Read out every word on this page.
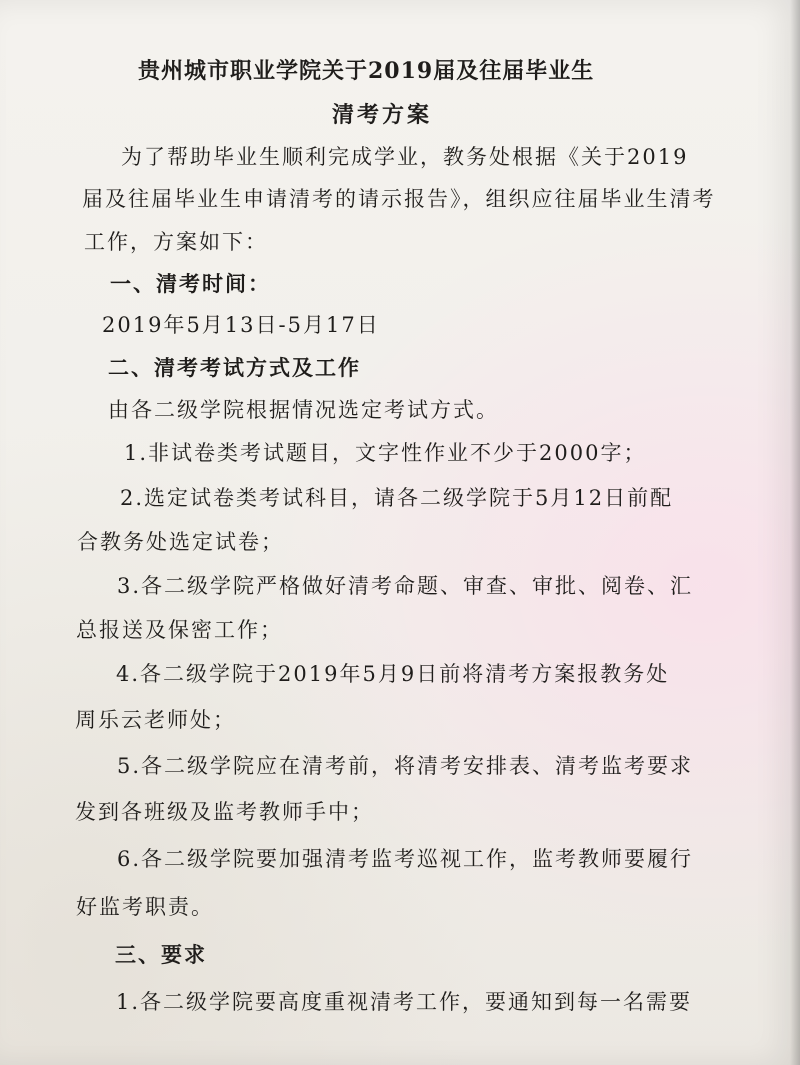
贵州城市职业学院关于2019届及往届毕业生
清考方案
为了帮助毕业生顺利完成学业，教务处根据《关于2019
届及往届毕业生申请清考的请示报告》，组织应往届毕业生清考
工作，方案如下：
一、清考时间：
2019年5月13日-5月17日
二、清考考试方式及工作
由各二级学院根据情况选定考试方式。
1.非试卷类考试题目，文字性作业不少于2000字；
2.选定试卷类考试科目，请各二级学院于5月12日前配
合教务处选定试卷；
3.各二级学院严格做好清考命题、审查、审批、阅卷、汇
总报送及保密工作；
4.各二级学院于2019年5月9日前将清考方案报教务处
周乐云老师处；
5.各二级学院应在清考前，将清考安排表、清考监考要求
发到各班级及监考教师手中；
6.各二级学院要加强清考监考巡视工作，监考教师要履行
好监考职责。
三、要求
1.各二级学院要高度重视清考工作，要通知到每一名需要
